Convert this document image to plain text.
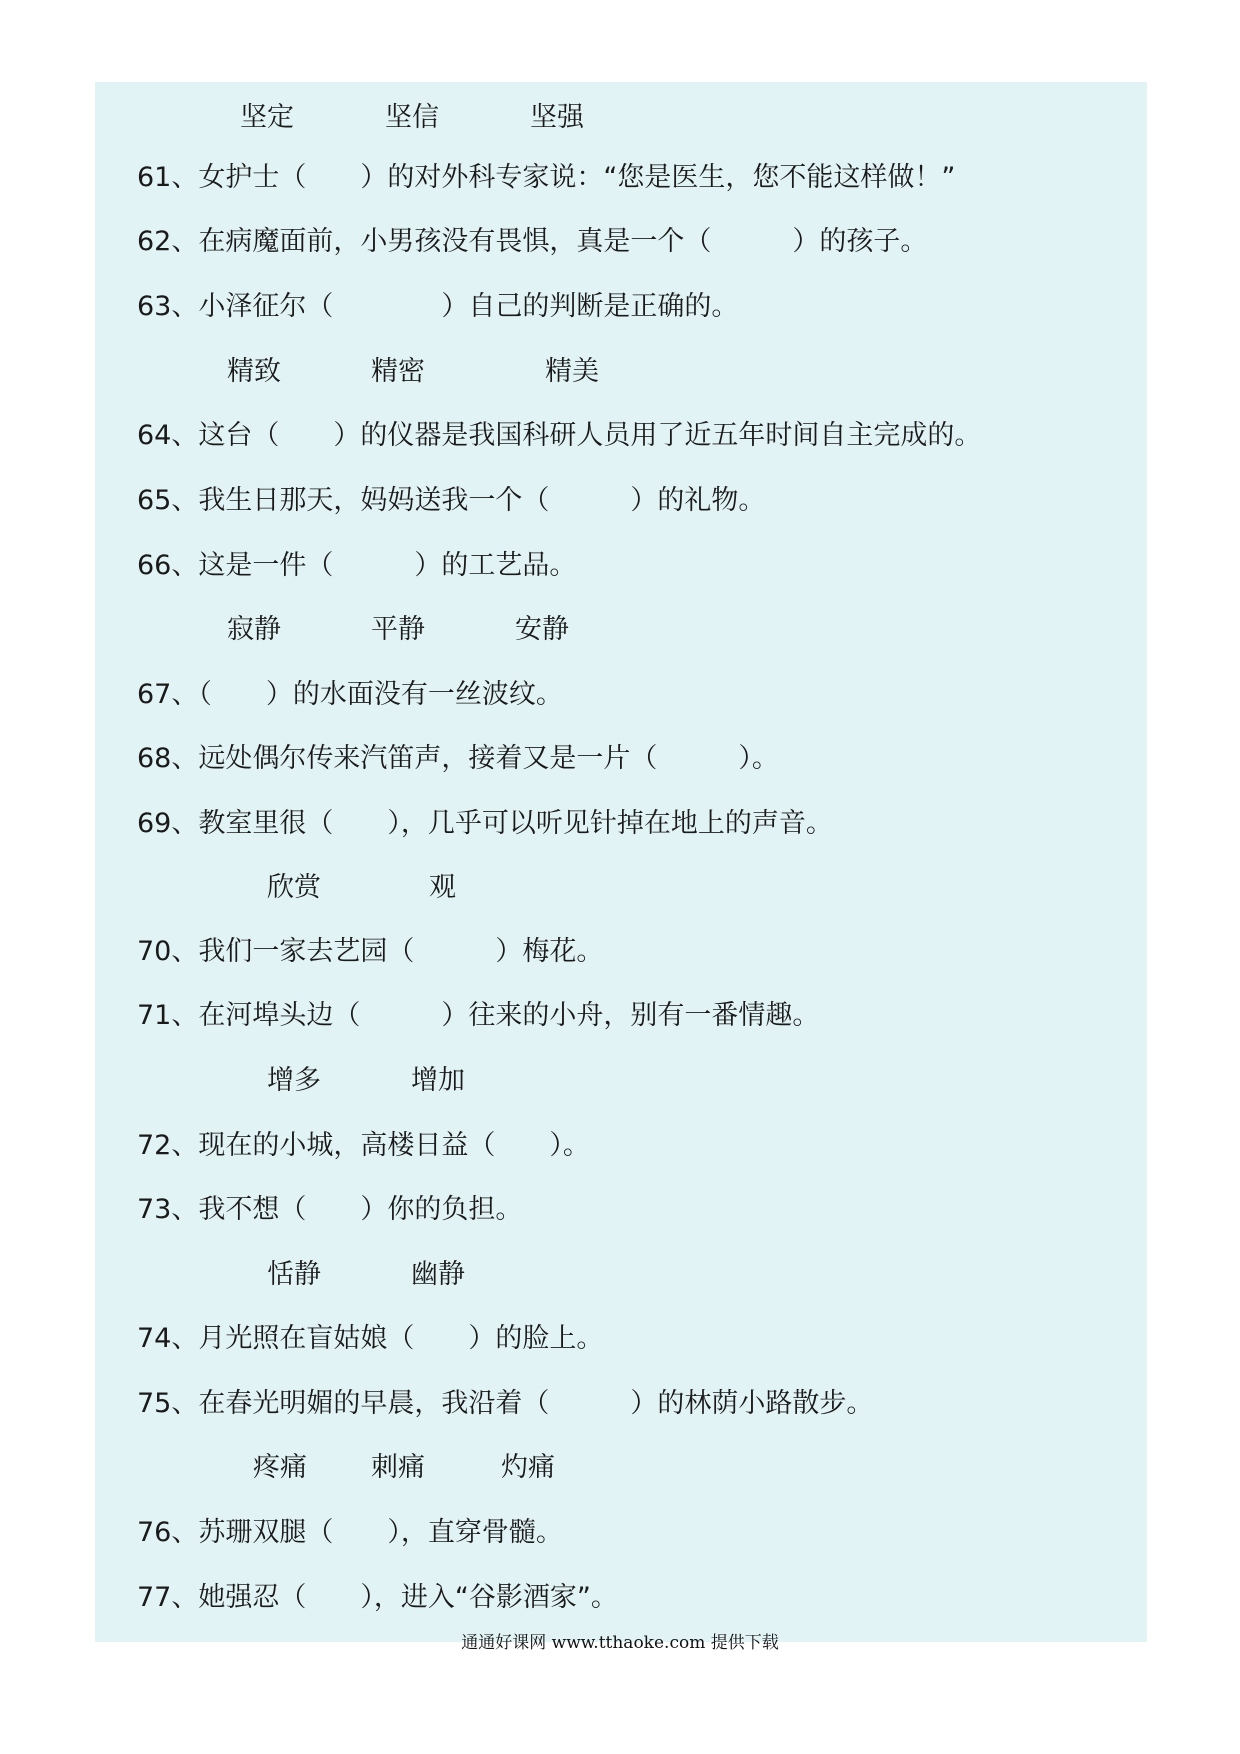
坚定	坚信	坚强
61、女护士（　　）的对外科专家说：“您是医生，您不能这样做！”
62、在病魔面前，小男孩没有畏惧，真是一个（　　　）的孩子。
63、小泽征尔（　　　　）自己的判断是正确的。
精致	精密	精美
64、这台（　　）的仪器是我国科研人员用了近五年时间自主完成的。
65、我生日那天，妈妈送我一个（　　　）的礼物。
66、这是一件（　　　）的工艺品。
寂静	平静	安静
67、（　　）的水面没有一丝波纹。
68、远处偶尔传来汽笛声，接着又是一片（　　　）。
69、教室里很（　　），几乎可以听见针掉在地上的声音。
欣赏	观
70、我们一家去艺园（　　　）梅花。
71、在河埠头边（　　　）往来的小舟，别有一番情趣。
增多	增加
72、现在的小城，高楼日益（　　）。
73、我不想（　　）你的负担。
恬静	幽静
74、月光照在盲姑娘（　　）的脸上。
75、在春光明媚的早晨，我沿着（　　　）的林荫小路散步。
疼痛 刺痛	灼痛
76、苏珊双腿（　　），直穿骨髓。
77、她强忍（　　），进入“谷影酒家”。
通通好课网 www.tthaoke.com 提供下载
